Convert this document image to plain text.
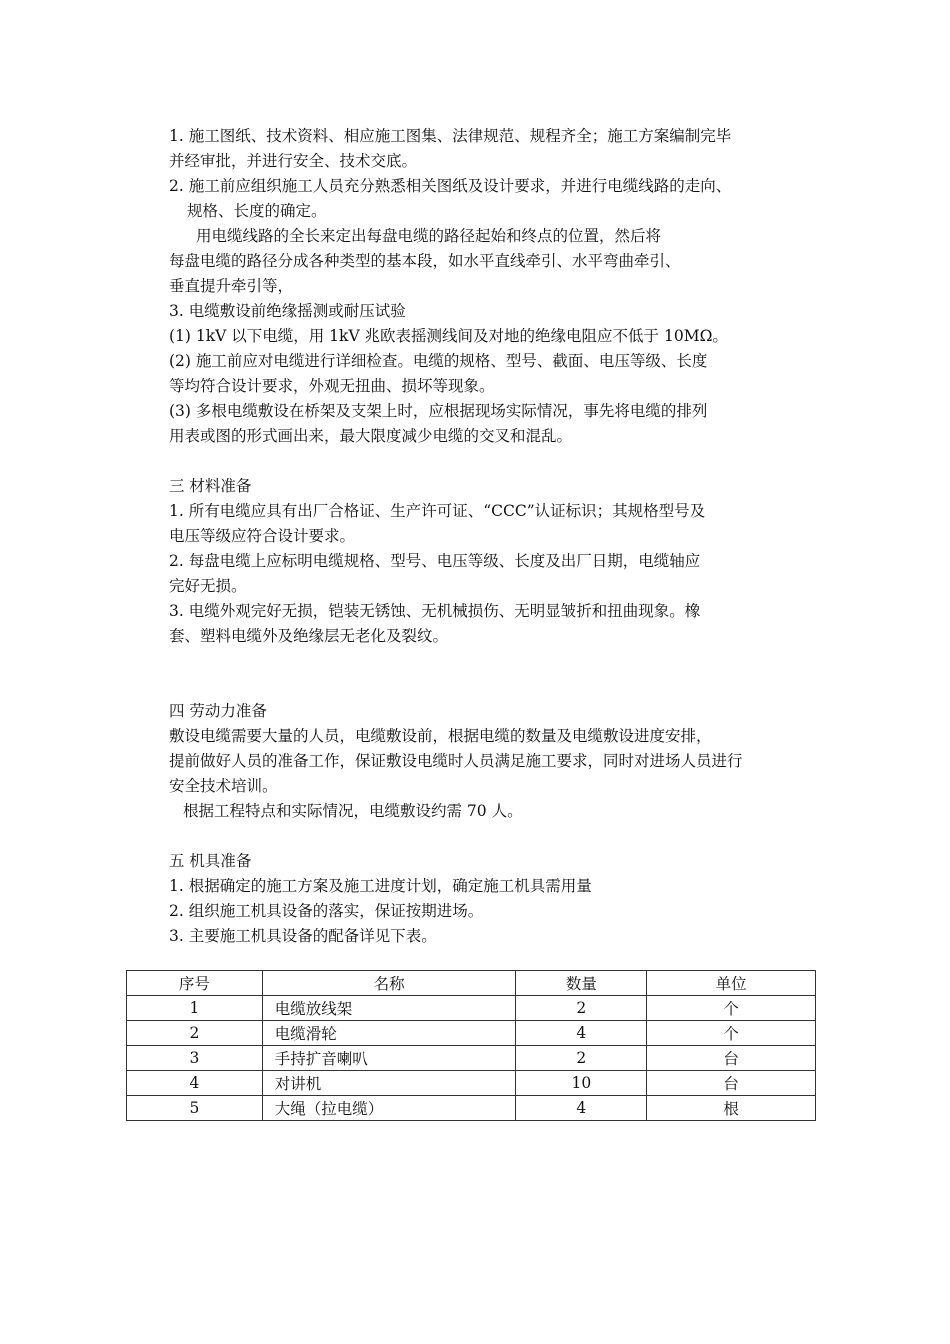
1. 施工图纸、技术资料、相应施工图集、法律规范、规程齐全；施工方案编制完毕
并经审批，并进行安全、技术交底。
2. 施工前应组织施工人员充分熟悉相关图纸及设计要求，并进行电缆线路的走向、
规格、长度的确定。
用电缆线路的全长来定出每盘电缆的路径起始和终点的位置，然后将
每盘电缆的路径分成各种类型的基本段，如水平直线牵引、水平弯曲牵引、
垂直提升牵引等，
3. 电缆敷设前绝缘摇测或耐压试验
(1) 1kV 以下电缆，用 1kV 兆欧表摇测线间及对地的绝缘电阻应不低于 10MΩ。
(2) 施工前应对电缆进行详细检查。电缆的规格、型号、截面、电压等级、长度
等均符合设计要求，外观无扭曲、损坏等现象。
(3) 多根电缆敷设在桥架及支架上时，应根据现场实际情况，事先将电缆的排列
用表或图的形式画出来，最大限度减少电缆的交叉和混乱。
三 材料准备
1. 所有电缆应具有出厂合格证、生产许可证、“CCC”认证标识；其规格型号及
电压等级应符合设计要求。
2. 每盘电缆上应标明电缆规格、型号、电压等级、长度及出厂日期，电缆轴应
完好无损。
3. 电缆外观完好无损，铠装无锈蚀、无机械损伤、无明显皱折和扭曲现象。橡
套、塑料电缆外及绝缘层无老化及裂纹。
四 劳动力准备
敷设电缆需要大量的人员，电缆敷设前，根据电缆的数量及电缆敷设进度安排，
提前做好人员的准备工作，保证敷设电缆时人员满足施工要求，同时对进场人员进行
安全技术培训。
根据工程特点和实际情况，电缆敷设约需 70 人。
五 机具准备
1. 根据确定的施工方案及施工进度计划，确定施工机具需用量
2. 组织施工机具设备的落实，保证按期进场。
3. 主要施工机具设备的配备详见下表。
序号	名称	数量	单位
1	电缆放线架	2	个
2	电缆滑轮	4	个
3	手持扩音喇叭	2	台
4	对讲机	10	台
5	大绳（拉电缆）	4	根
